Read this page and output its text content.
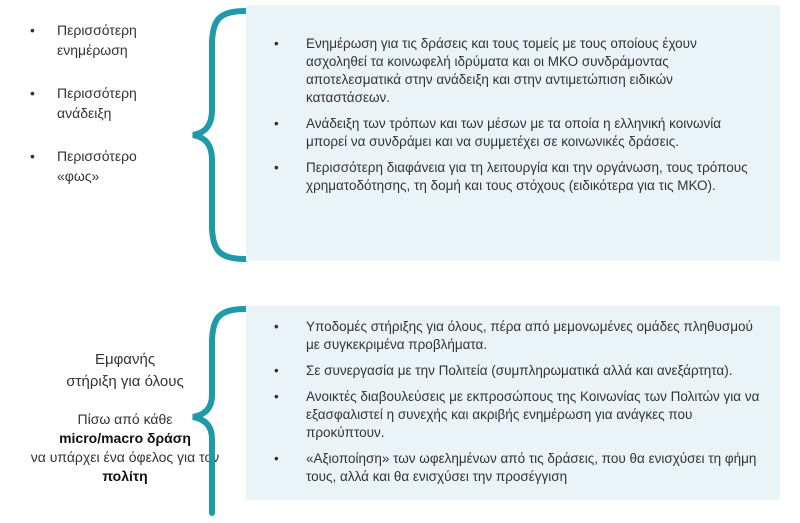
• Περισσότερη
ενημέρωση
• Περισσότερη
ανάδειξη
• Περισσότερο
«φως»
• Ενημέρωση για τις δράσεις και τους τομείς με τους οποίους έχουν ασχοληθεί τα κοινωφελή ιδρύματα και οι ΜΚΟ συνδράμοντας αποτελεσματικά στην ανάδειξη και στην αντιμετώπιση ειδικών καταστάσεων.
• Ανάδειξη των τρόπων και των μέσων με τα οποία η ελληνική κοινωνία μπορεί να συνδράμει και να συμμετέχει σε κοινωνικές δράσεις.
• Περισσότερη διαφάνεια για τη λειτουργία και την οργάνωση, τους τρόπους χρηματοδότησης, τη δομή και τους στόχους (ειδικότερα για τις ΜΚΟ).

Εμφανής
στήριξη για όλους

Πίσω από κάθε
micro/macro δράση
να υπάρχει ένα όφελος για τον
πολίτη
• Υποδομές στήριξης για όλους, πέρα από μεμονωμένες ομάδες πληθυσμού με συγκεκριμένα προβλήματα.
• Σε συνεργασία με την Πολιτεία (συμπληρωματικά αλλά και ανεξάρτητα).
• Ανοικτές διαβουλεύσεις με εκπροσώπους της Κοινωνίας των Πολιτών για να εξασφαλιστεί η συνεχής και ακριβής ενημέρωση για ανάγκες που προκύπτουν.
• «Αξιοποίηση» των ωφελημένων από τις δράσεις, που θα ενισχύσει τη φήμη τους, αλλά και θα ενισχύσει την προσέγγιση
